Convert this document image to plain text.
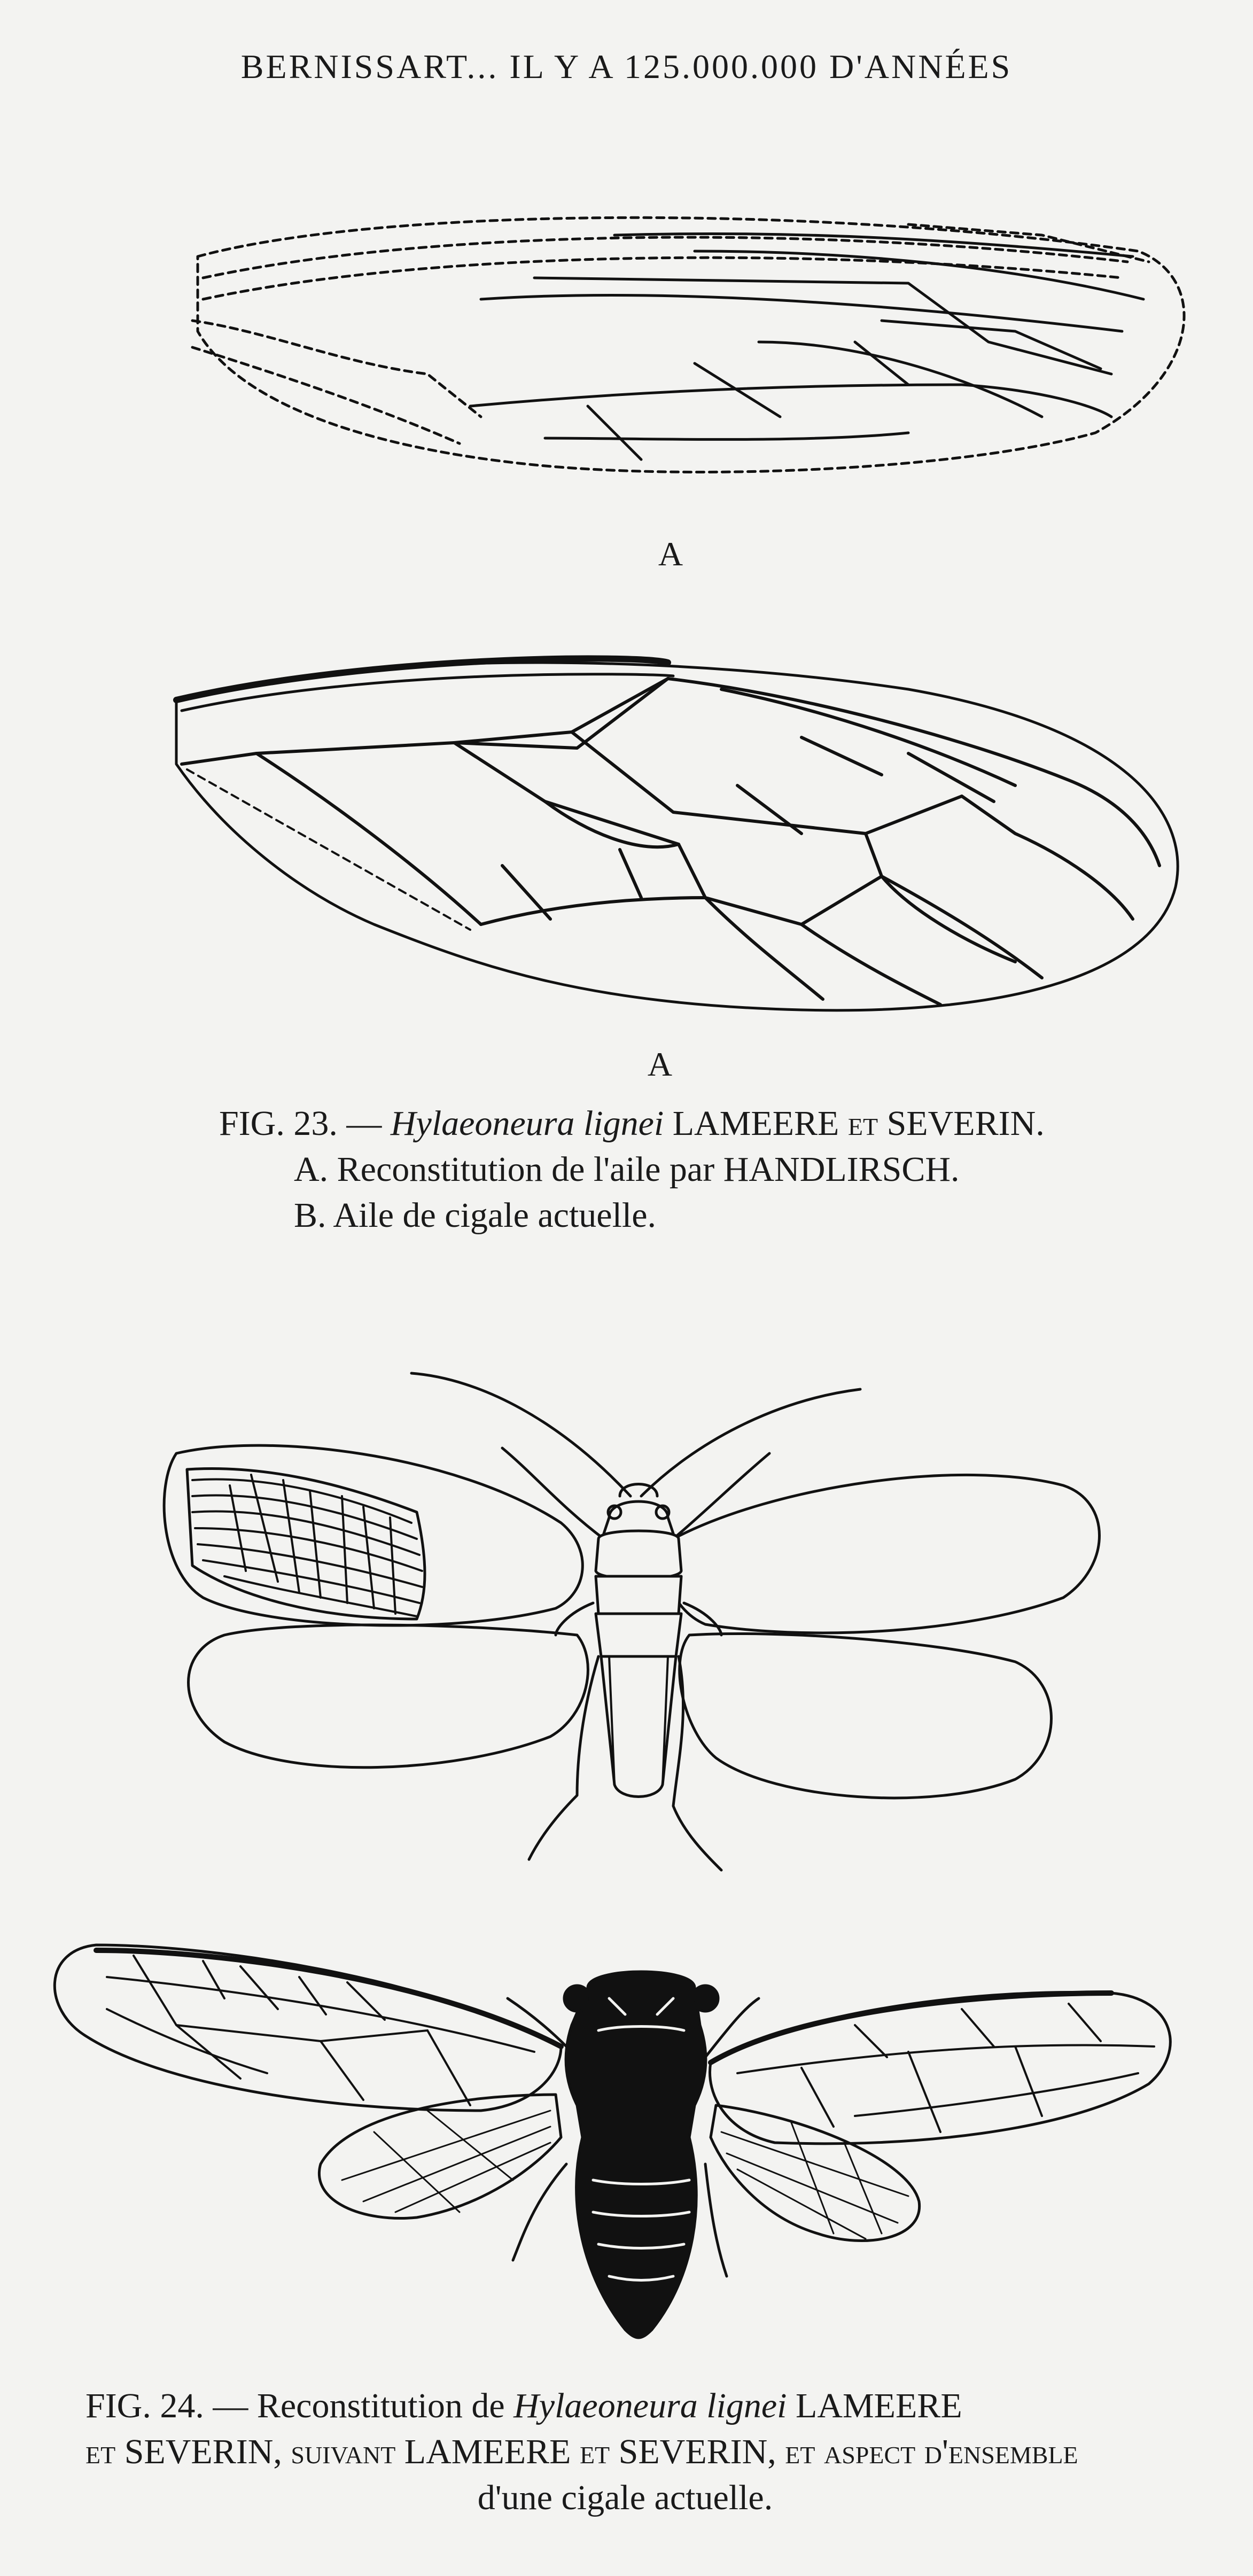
BERNISSART... IL Y A 125.000.000 D'ANNÉES
A
A
FIG. 23. — Hylaeoneura lignei LAMEERE et SEVERIN.
A. Reconstitution de l'aile par HANDLIRSCH.
B. Aile de cigale actuelle.
FIG. 24. — Reconstitution de Hylaeoneura lignei LAMEERE
et SEVERIN, suivant LAMEERE et SEVERIN, et aspect d'ensemble
d'une cigale actuelle.
